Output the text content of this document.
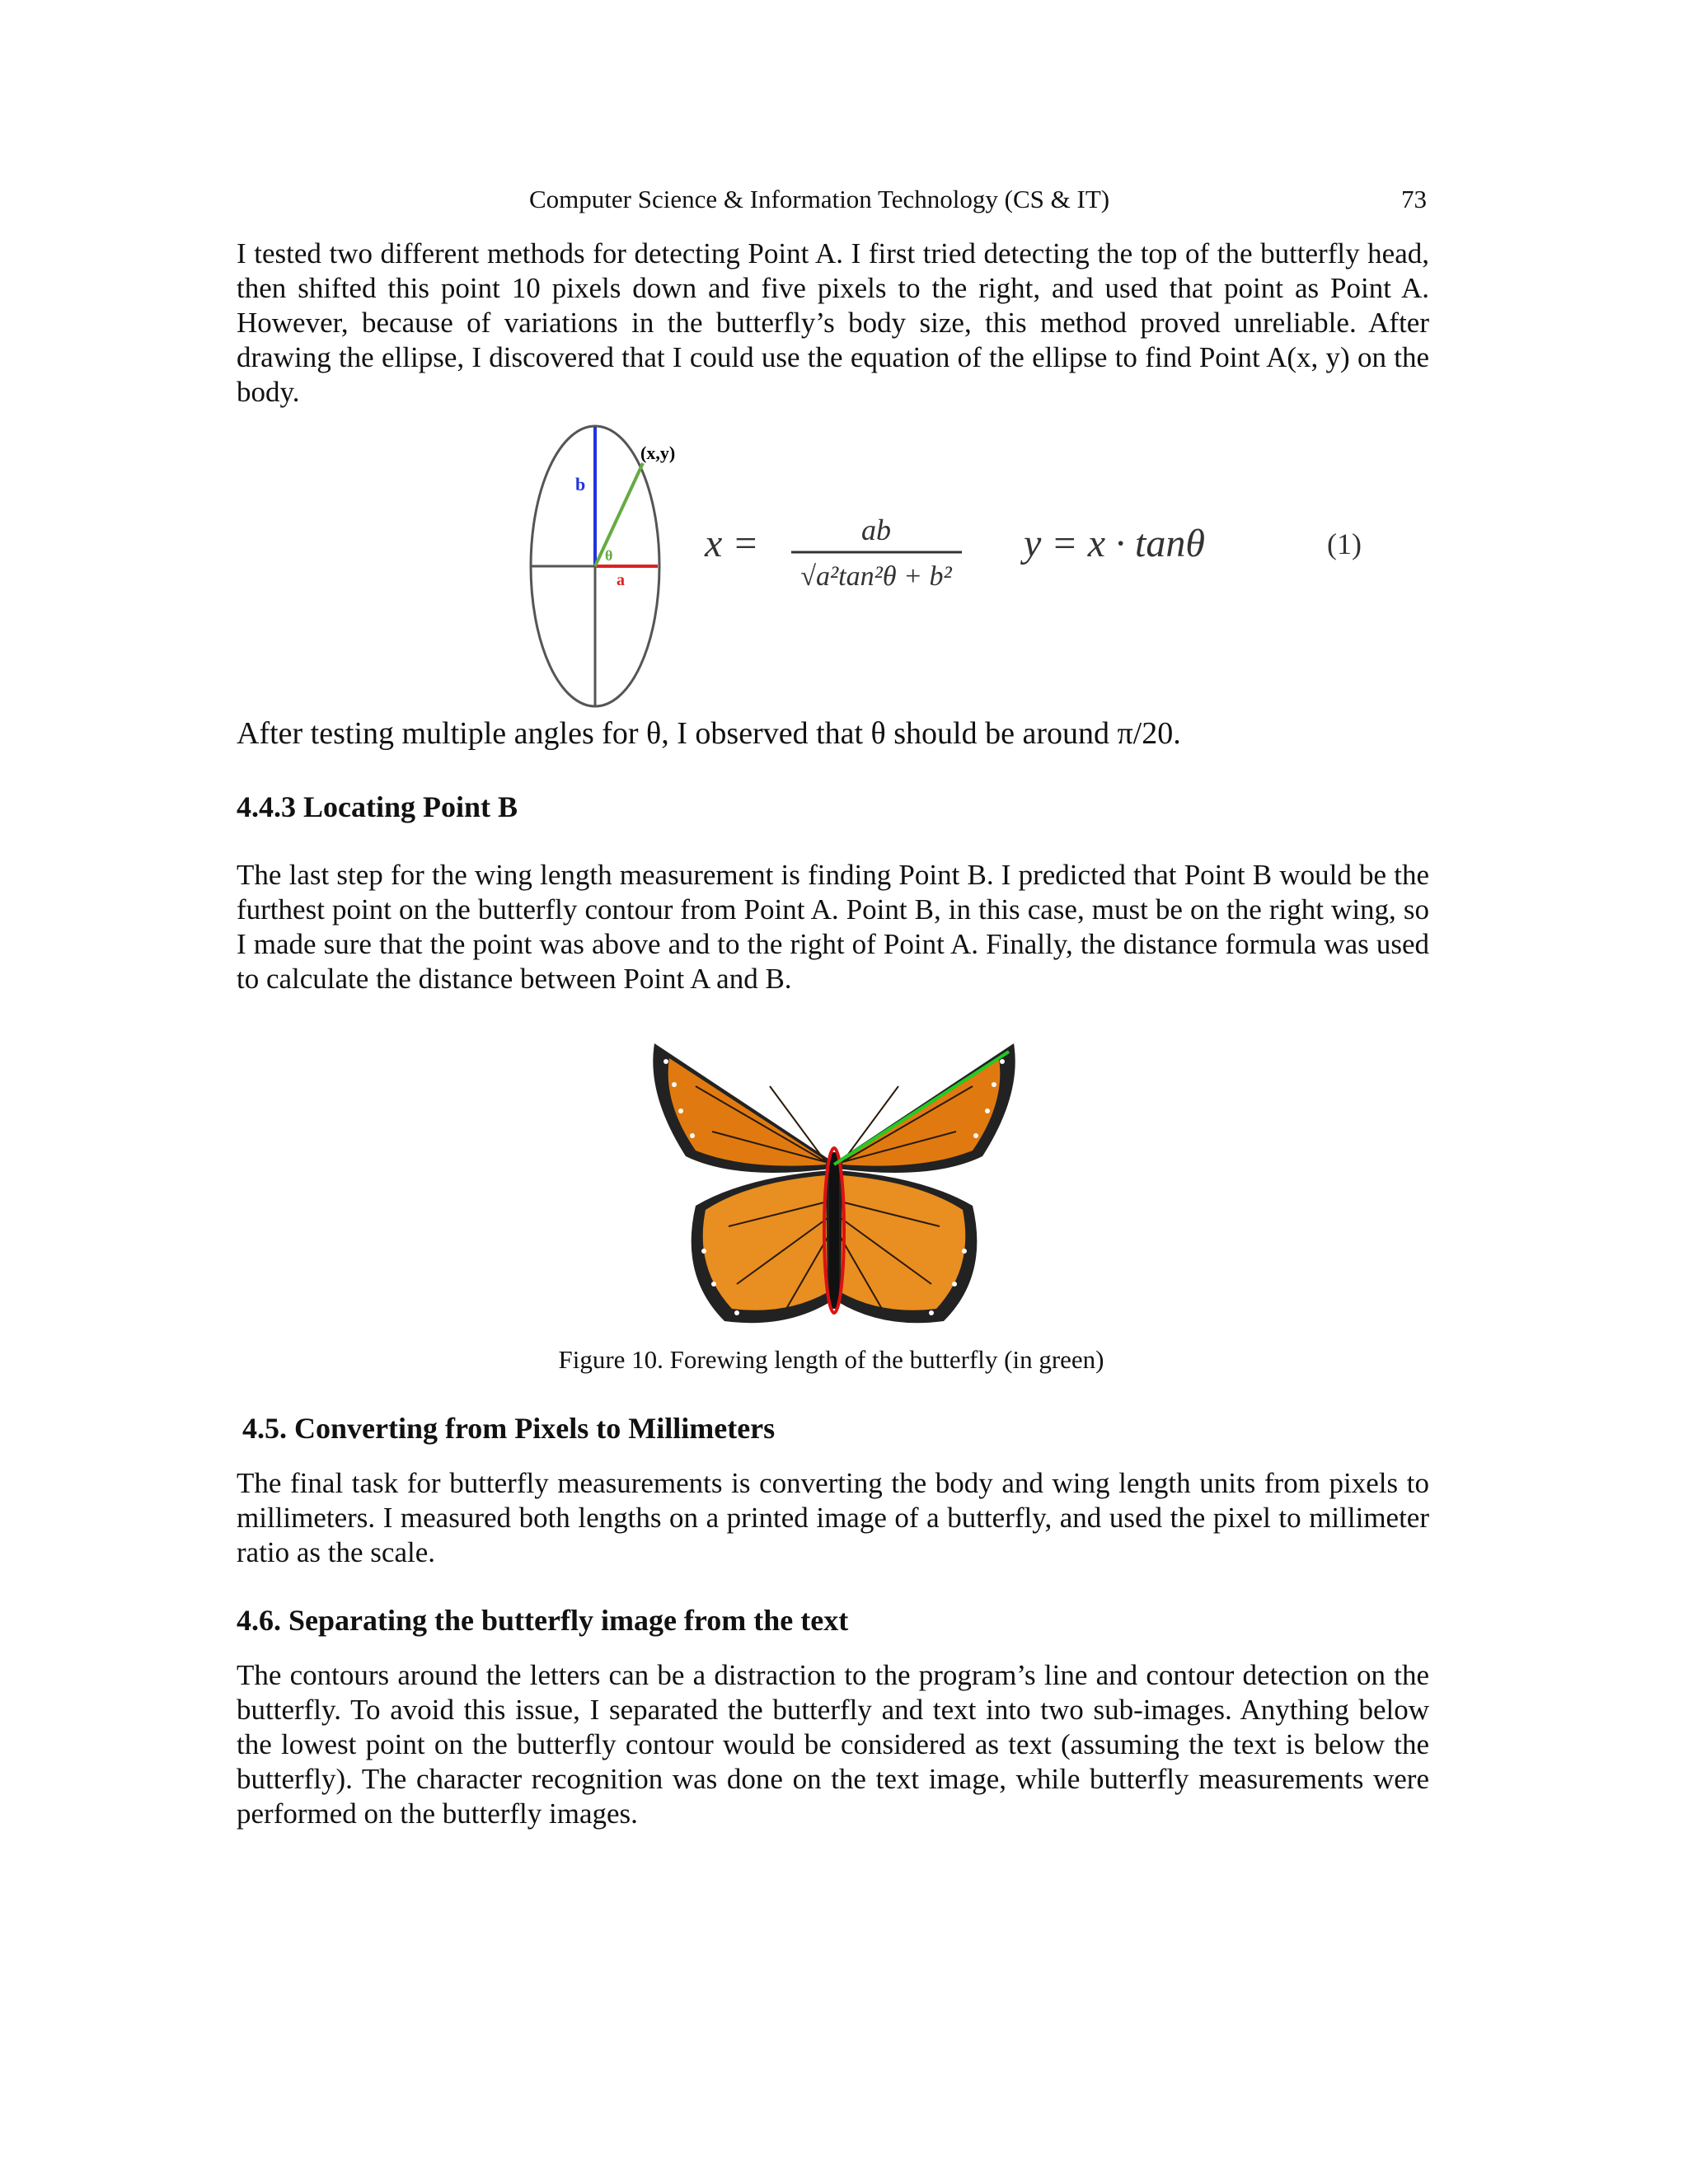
Computer Science & Information Technology (CS & IT)	73

I tested two different methods for detecting Point A. I first tried detecting the top of the butterfly head, then shifted this point 10 pixels down and five pixels to the right, and used that point as Point A. However, because of variations in the butterfly’s body size, this method proved unreliable. After drawing the ellipse, I discovered that I could use the equation of the ellipse to find Point A(x, y) on the body.

(x,y)
b
θ
a
x =	ab
√a²tan²θ + b²
y = x · tanθ	(1)

After testing multiple angles for θ, I observed that θ should be around π/20.

4.4.3 Locating Point B

The last step for the wing length measurement is finding Point B. I predicted that Point B would be the furthest point on the butterfly contour from Point A. Point B, in this case, must be on the right wing, so I made sure that the point was above and to the right of Point A. Finally, the distance formula was used to calculate the distance between Point A and B.

Figure 10. Forewing length of the butterfly (in green)
4.5. Converting from Pixels to Millimeters

The final task for butterfly measurements is converting the body and wing length units from pixels to millimeters. I measured both lengths on a printed image of a butterfly, and used the pixel to millimeter ratio as the scale.

4.6. Separating the butterfly image from the text

The contours around the letters can be a distraction to the program’s line and contour detection on the butterfly. To avoid this issue, I separated the butterfly and text into two sub-images. Anything below the lowest point on the butterfly contour would be considered as text (assuming the text is below the butterfly). The character recognition was done on the text image, while butterfly measurements were performed on the butterfly images.
